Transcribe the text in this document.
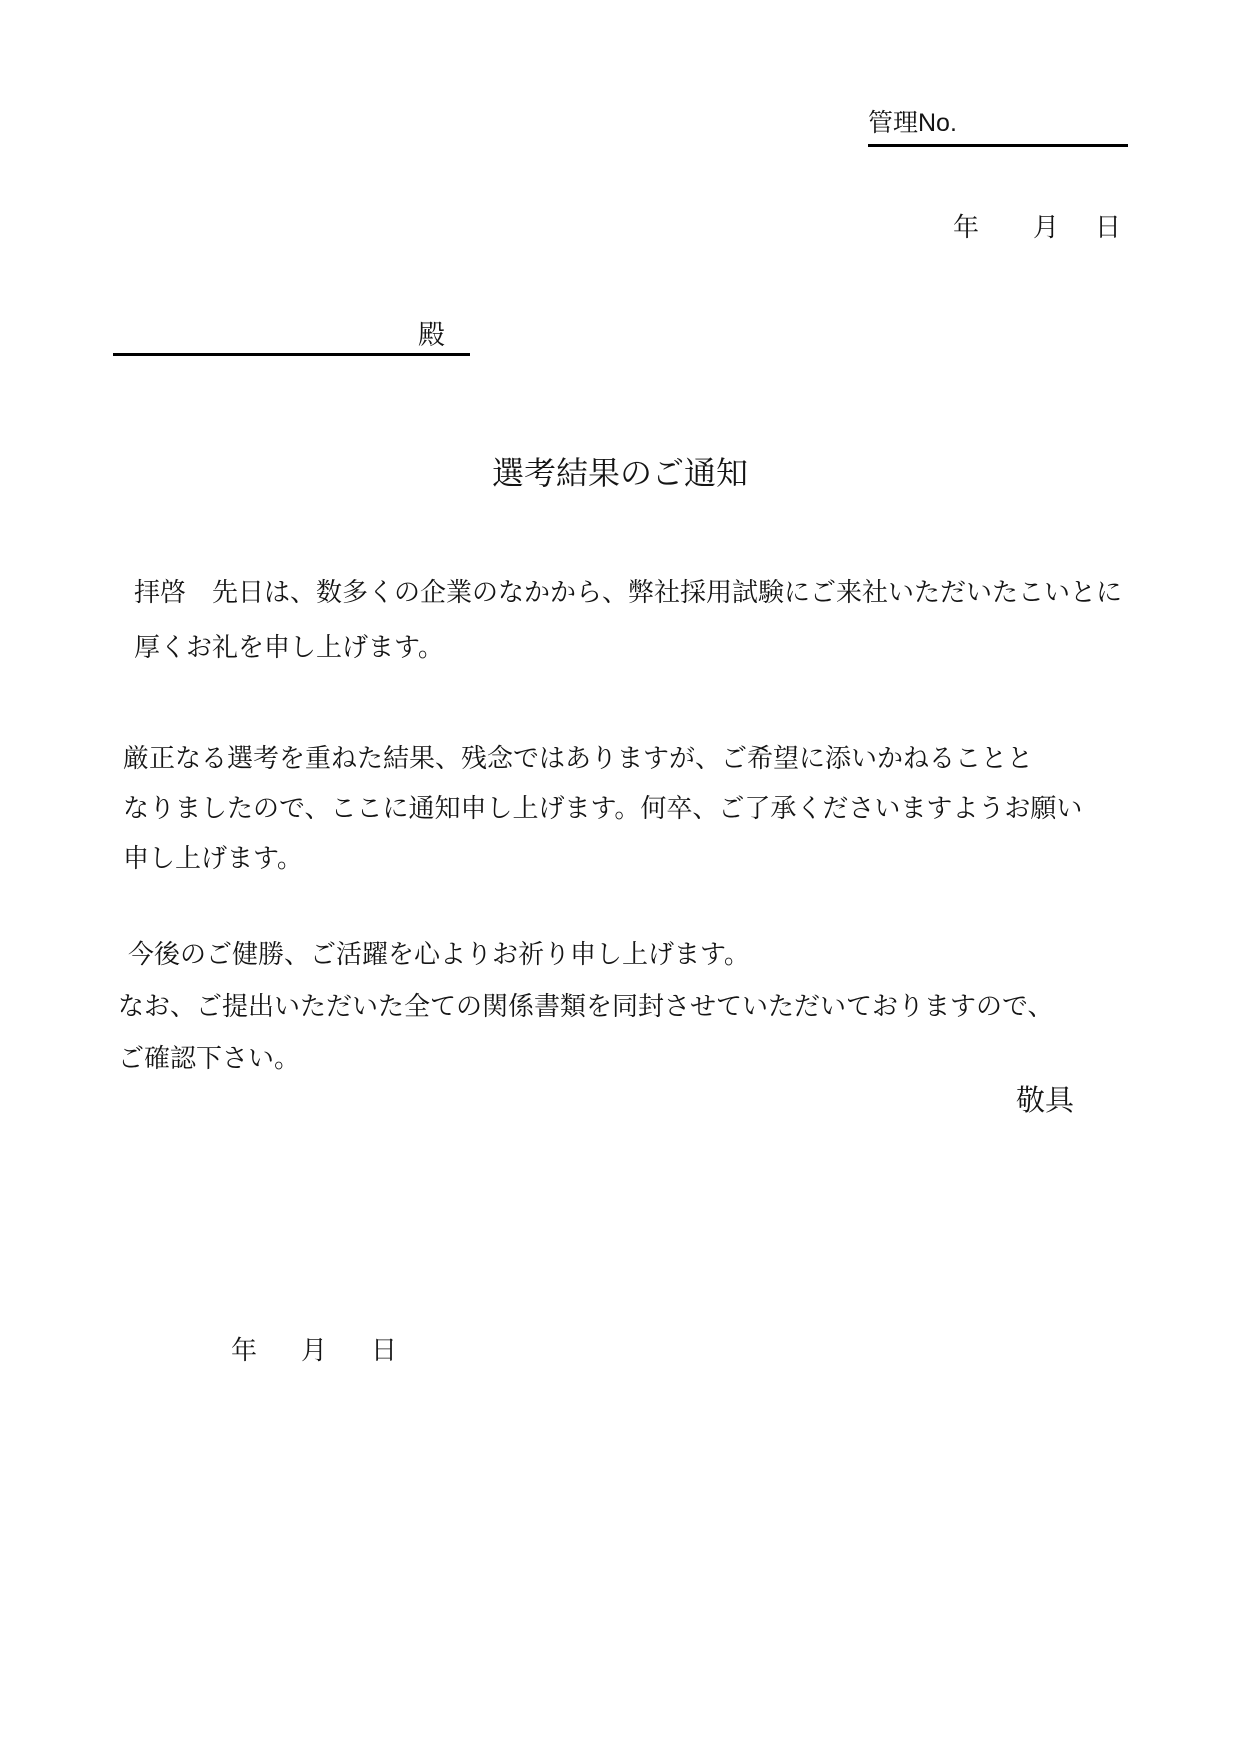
管理No.
年 月 日
殿
選考結果のご通知
拝啓　先日は、数多くの企業のなかから、弊社採用試験にご来社いただいたこいとに
厚くお礼を申し上げます。
厳正なる選考を重ねた結果、残念ではありますが、ご希望に添いかねることと
なりましたので、ここに通知申し上げます。何卒、ご了承くださいますようお願い
申し上げます。
今後のご健勝、ご活躍を心よりお祈り申し上げます。
なお、ご提出いただいた全ての関係書類を同封させていただいておりますので、
ご確認下さい。
敬具
年 月 日
